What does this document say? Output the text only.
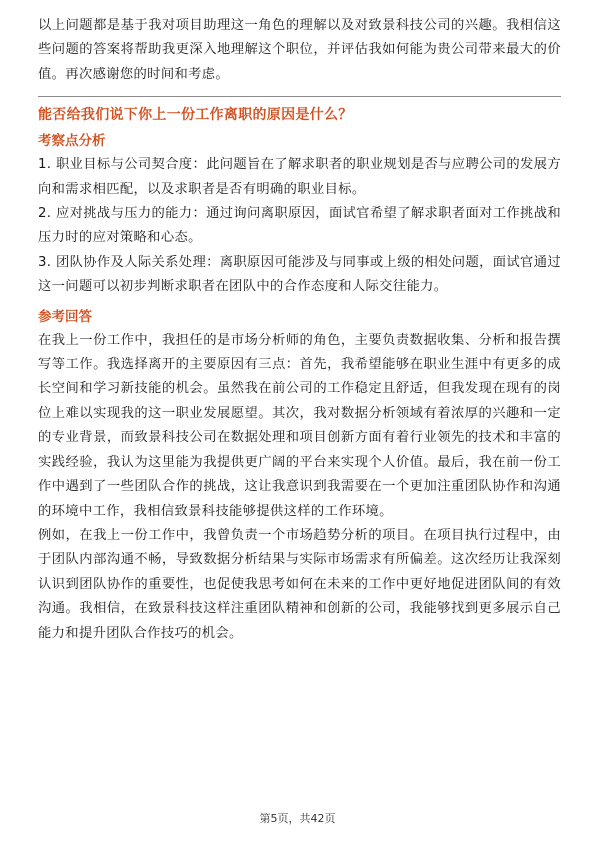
以上问题都是基于我对项目助理这一角色的理解以及对致景科技公司的兴趣。我相信这些问题的答案将帮助我更深入地理解这个职位，并评估我如何能为贵公司带来最大的价值。再次感谢您的时间和考虑。

能否给我们说下你上一份工作离职的原因是什么？
考察点分析

1. 职业目标与公司契合度：此问题旨在了解求职者的职业规划是否与应聘公司的发展方向和需求相匹配，以及求职者是否有明确的职业目标。

2. 应对挑战与压力的能力：通过询问离职原因，面试官希望了解求职者面对工作挑战和压力时的应对策略和心态。

3. 团队协作及人际关系处理：离职原因可能涉及与同事或上级的相处问题，面试官通过这一问题可以初步判断求职者在团队中的合作态度和人际交往能力。

参考回答

在我上一份工作中，我担任的是市场分析师的角色，主要负责数据收集、分析和报告撰写等工作。我选择离开的主要原因有三点：首先，我希望能够在职业生涯中有更多的成长空间和学习新技能的机会。虽然我在前公司的工作稳定且舒适，但我发现在现有的岗位上难以实现我的这一职业发展愿望。其次，我对数据分析领域有着浓厚的兴趣和一定的专业背景，而致景科技公司在数据处理和项目创新方面有着行业领先的技术和丰富的实践经验，我认为这里能为我提供更广阔的平台来实现个人价值。最后，我在前一份工作中遇到了一些团队合作的挑战，这让我意识到我需要在一个更加注重团队协作和沟通的环境中工作，我相信致景科技能够提供这样的工作环境。

例如，在我上一份工作中，我曾负责一个市场趋势分析的项目。在项目执行过程中，由于团队内部沟通不畅，导致数据分析结果与实际市场需求有所偏差。这次经历让我深刻认识到团队协作的重要性，也促使我思考如何在未来的工作中更好地促进团队间的有效沟通。我相信，在致景科技这样注重团队精神和创新的公司，我能够找到更多展示自己能力和提升团队合作技巧的机会。

第5页，共42页
